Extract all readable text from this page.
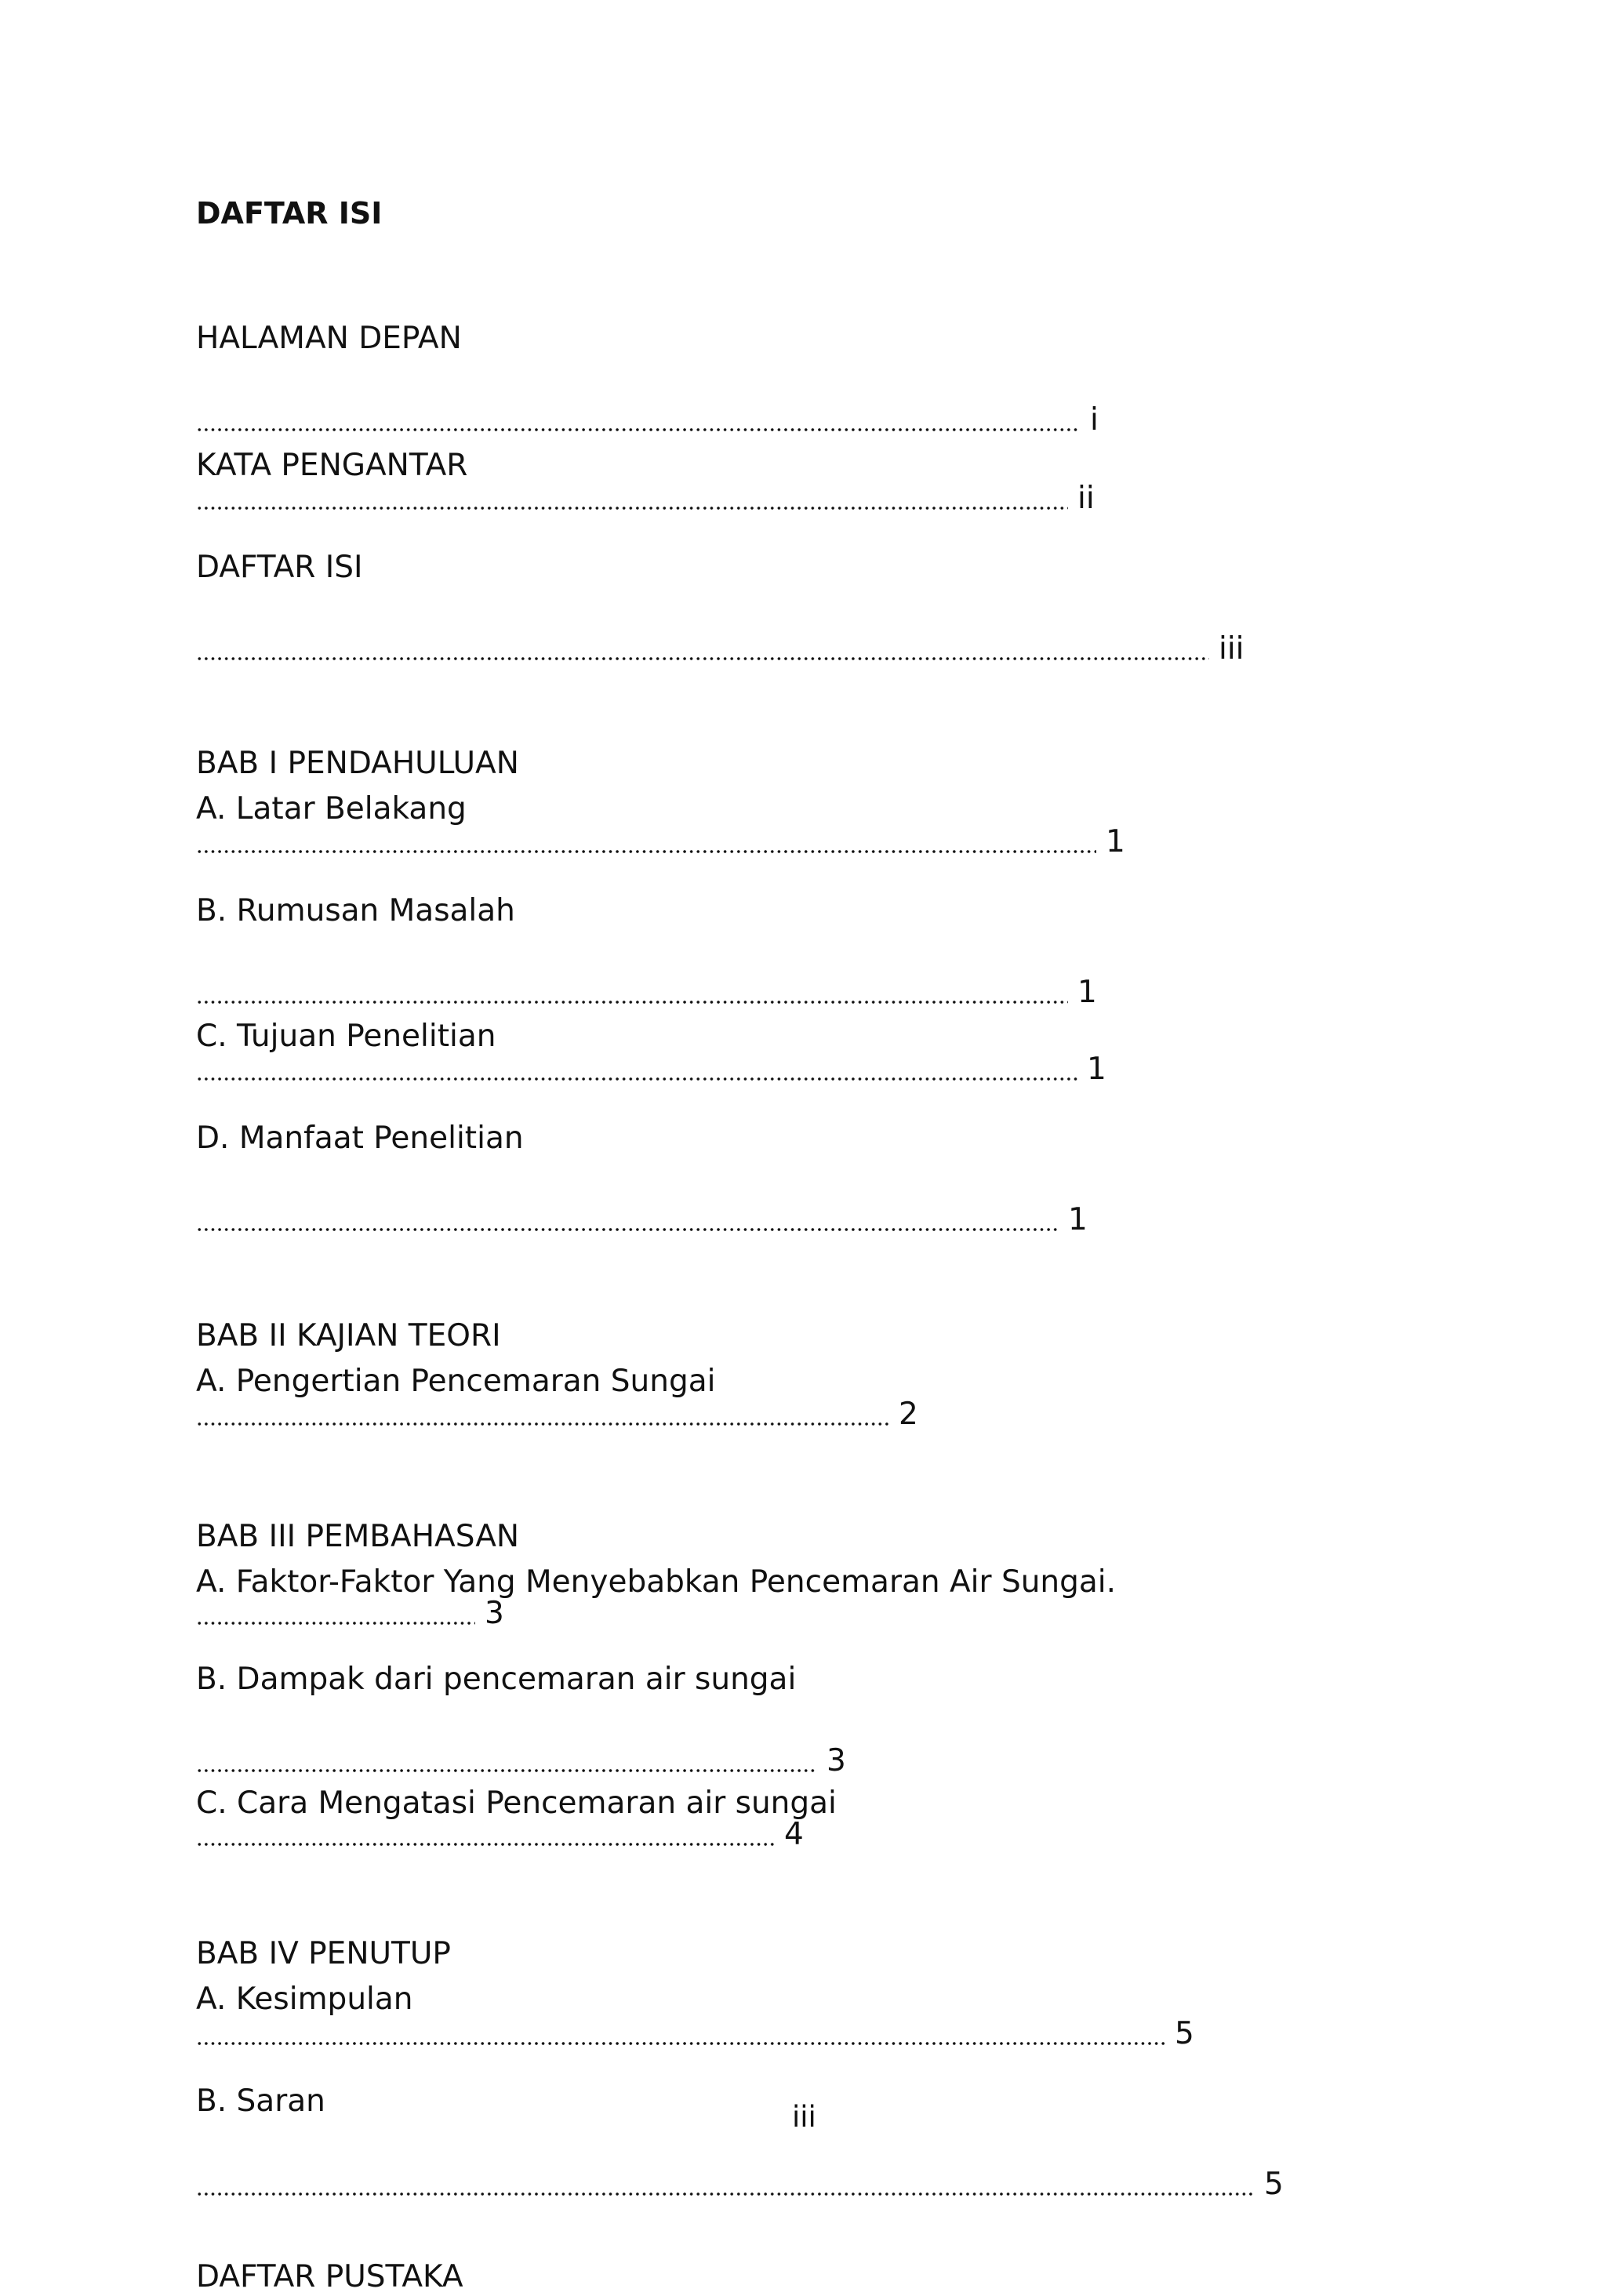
DAFTAR ISI
HALAMAN DEPAN
i
KATA PENGANTAR
ii
DAFTAR ISI
iii
BAB I PENDAHULUAN
A. Latar Belakang
1
B. Rumusan Masalah
1
C. Tujuan Penelitian
1
D. Manfaat Penelitian
1
BAB II KAJIAN TEORI
A. Pengertian Pencemaran Sungai
2
BAB III PEMBAHASAN
A. Faktor-Faktor Yang Menyebabkan Pencemaran Air Sungai.
3
B. Dampak dari pencemaran air sungai
3
C. Cara Mengatasi Pencemaran air sungai
4
BAB IV PENUTUP
A. Kesimpulan
5
B. Saran	iii
5
DAFTAR PUSTAKA
